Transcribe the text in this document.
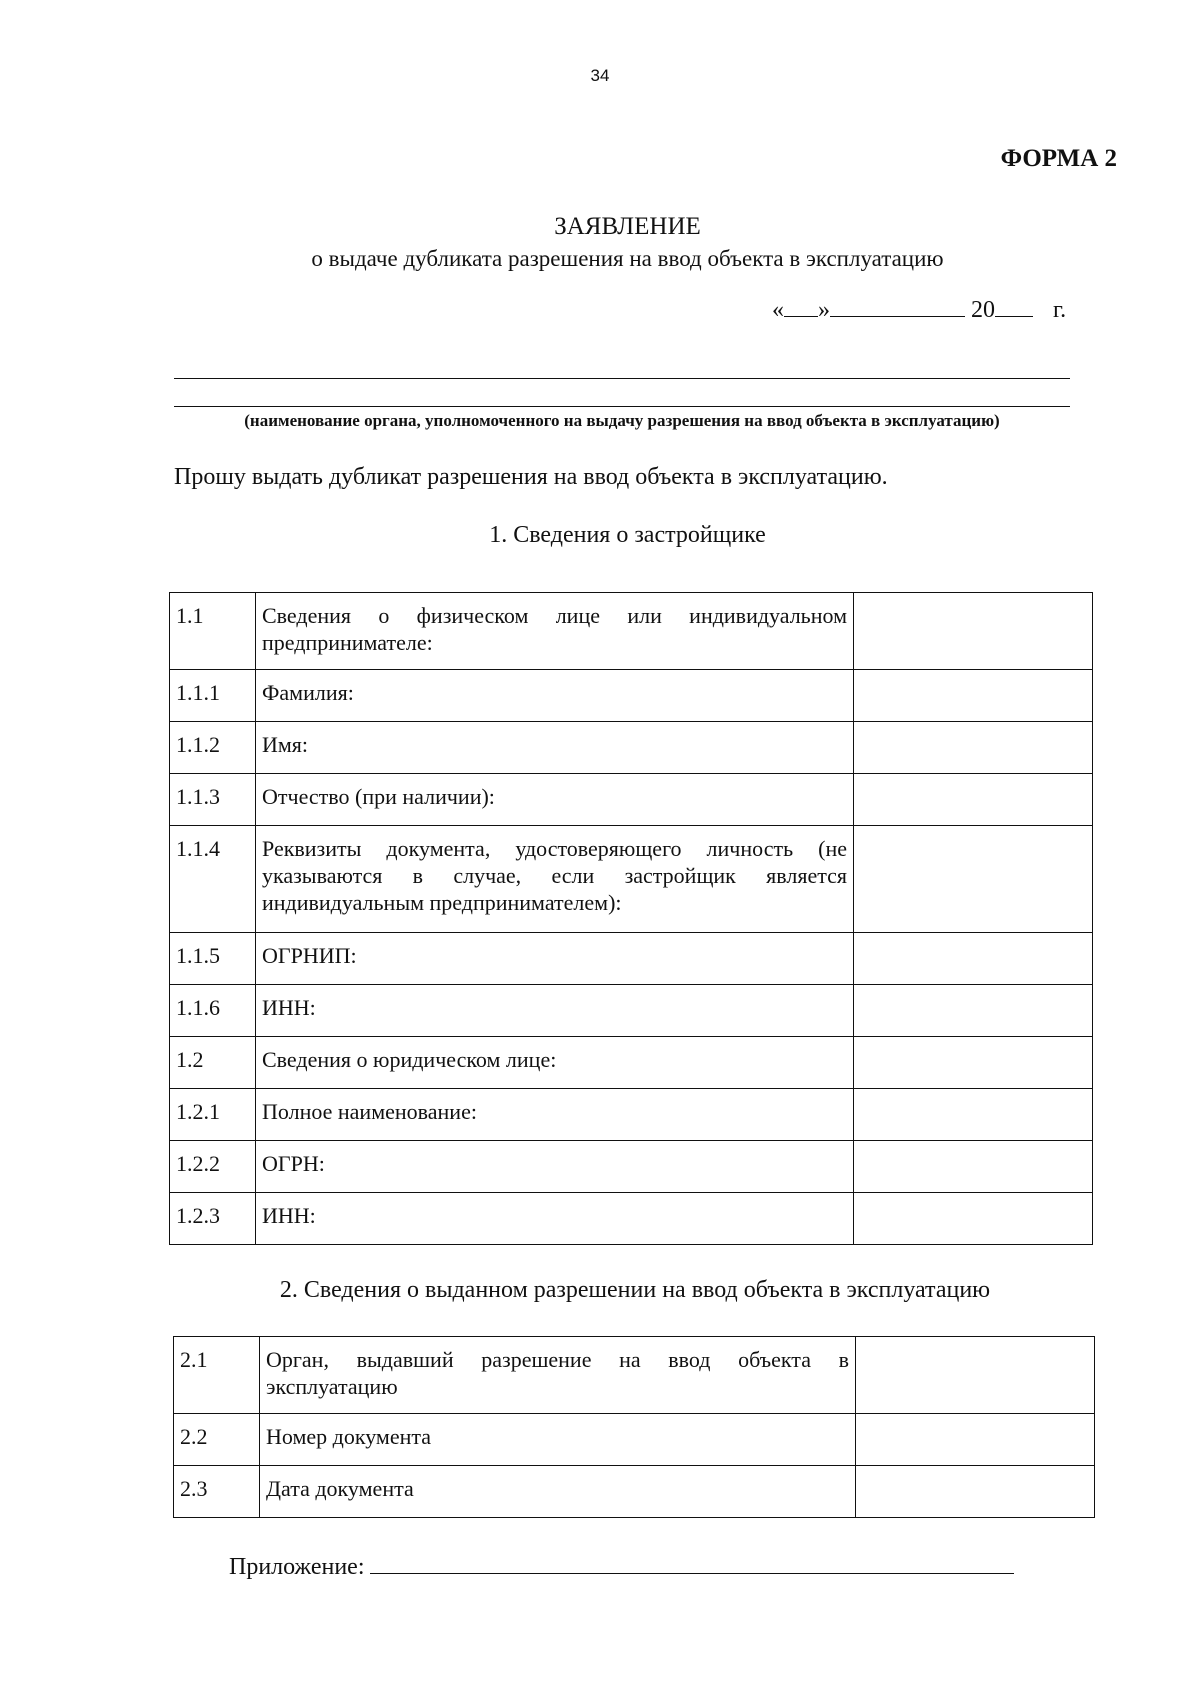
34
ФОРМА 2
ЗАЯВЛЕНИЕ
о выдаче дубликата разрешения на ввод объекта в эксплуатацию
« »	20 г.
(наименование органа, уполномоченного на выдачу разрешения на ввод объекта в эксплуатацию)
Прошу выдать дубликат разрешения на ввод объекта в эксплуатацию.
1. Сведения о застройщике
1.1	Сведения о физическом лице или индивидуальном предпринимателе:	
1.1.1	Фамилия:	
1.1.2	Имя:	
1.1.3	Отчество (при наличии):	
1.1.4	Реквизиты документа, удостоверяющего личность (не указываются в случае, если застройщик является индивидуальным предпринимателем):	
1.1.5	ОГРНИП:	
1.1.6	ИНН:	
1.2	Сведения о юридическом лице:	
1.2.1	Полное наименование:	
1.2.2	ОГРН:	
1.2.3	ИНН:	
2. Сведения о выданном разрешении на ввод объекта в эксплуатацию
2.1	Орган, выдавший разрешение на ввод объекта в эксплуатацию	
2.2	Номер документа	
2.3	Дата документа	
Приложение:
